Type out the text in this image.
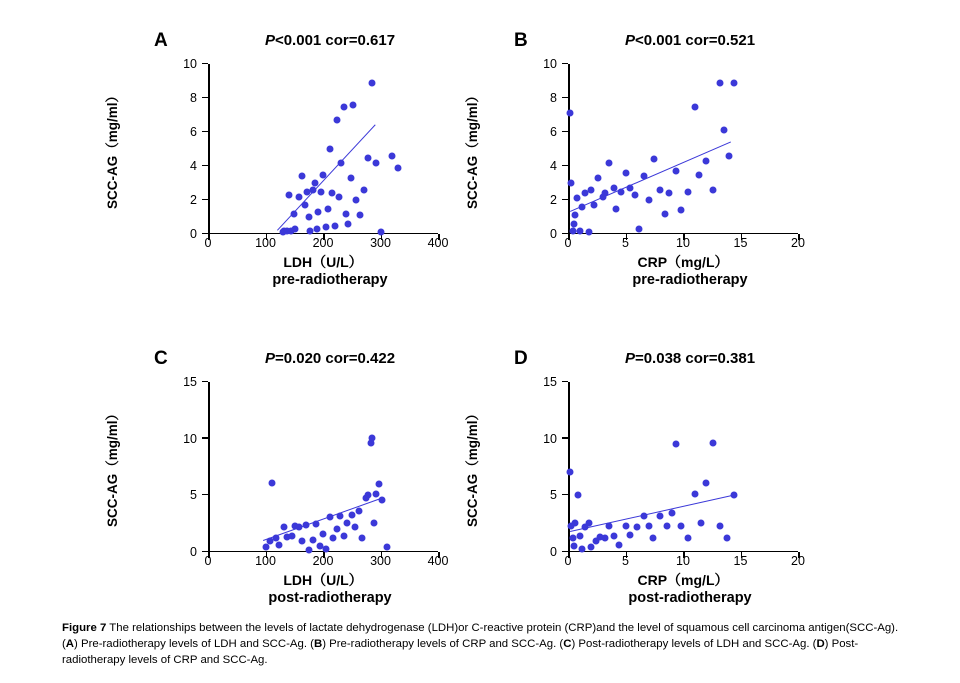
A	P<0.001 cor=0.617
SCC-AG（mg/ml）
0	100	200	300	400
0
2
4
6
8
10
LDH（U/L）
pre-radiotherapy
B	P<0.001 cor=0.521
SCC-AG（mg/ml）
0	5	10	15	20
0
2
4
6
8
10
CRP（mg/L）
pre-radiotherapy
C	P=0.020 cor=0.422
SCC-AG（mg/ml）
0	100	200	300	400
0
5
10
15
LDH（U/L）
post-radiotherapy
D	P=0.038 cor=0.381
SCC-AG（mg/ml）
0	5	10	15	20
0
5
10
15
CRP（mg/L）
post-radiotherapy
Figure 7 The relationships between the levels of lactate dehydrogenase (LDH)or C-reactive protein (CRP)and the level of squamous cell carcinoma antigen(SCC-Ag). (A) Pre-radiotherapy levels of LDH and SCC-Ag. (B) Pre-radiotherapy levels of CRP and SCC-Ag. (C) Post-radiotherapy levels of LDH and SCC-Ag. (D) Post-radiotherapy levels of CRP and SCC-Ag.
